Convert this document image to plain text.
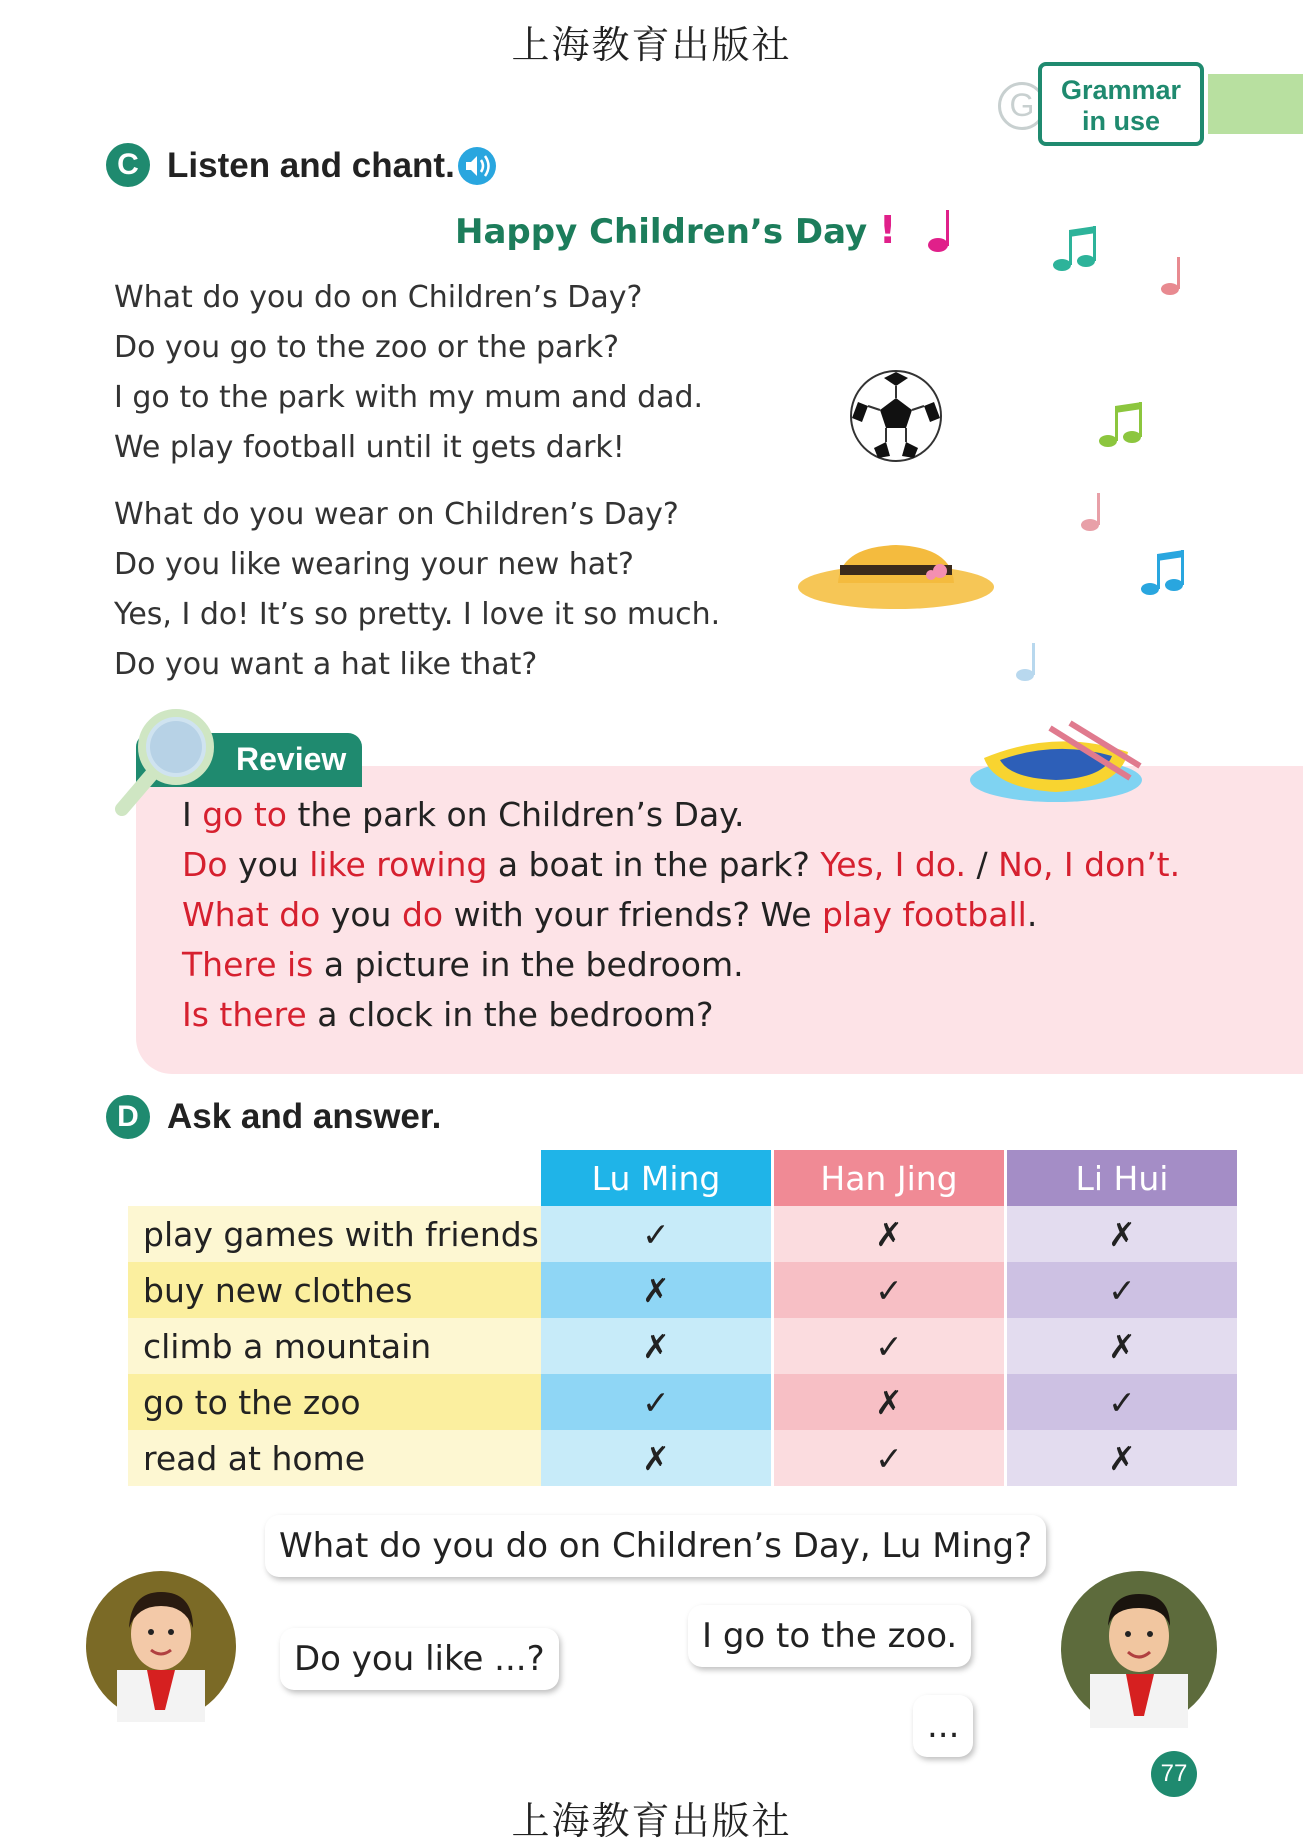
上海教育出版社
G Grammar
in use
C Listen and chant.
Happy Children’s Day !
What do you do on Children’s Day?
Do you go to the zoo or the park?
I go to the park with my mum and dad.
We play football until it gets dark!
What do you wear on Children’s Day?
Do you like wearing your new hat?
Yes, I do! It’s so pretty. I love it so much.
Do you want a hat like that?
Review
I go to the park on Children’s Day.
Do you like rowing a boat in the park? Yes, I do. / No, I don’t.
What do you do with your friends? We play football.
There is a picture in the bedroom.
Is there a clock in the bedroom?
D Ask and answer.
	Lu Ming	Han Jing	Li Hui
play games with friends	✓	✗	✗
buy new clothes	✗	✓	✓
climb a mountain	✗	✓	✗
go to the zoo	✓	✗	✓
read at home	✗	✓	✗
What do you do on Children’s Day, Lu Ming?
I go to the zoo.
Do you like ...?
...
77
上海教育出版社
